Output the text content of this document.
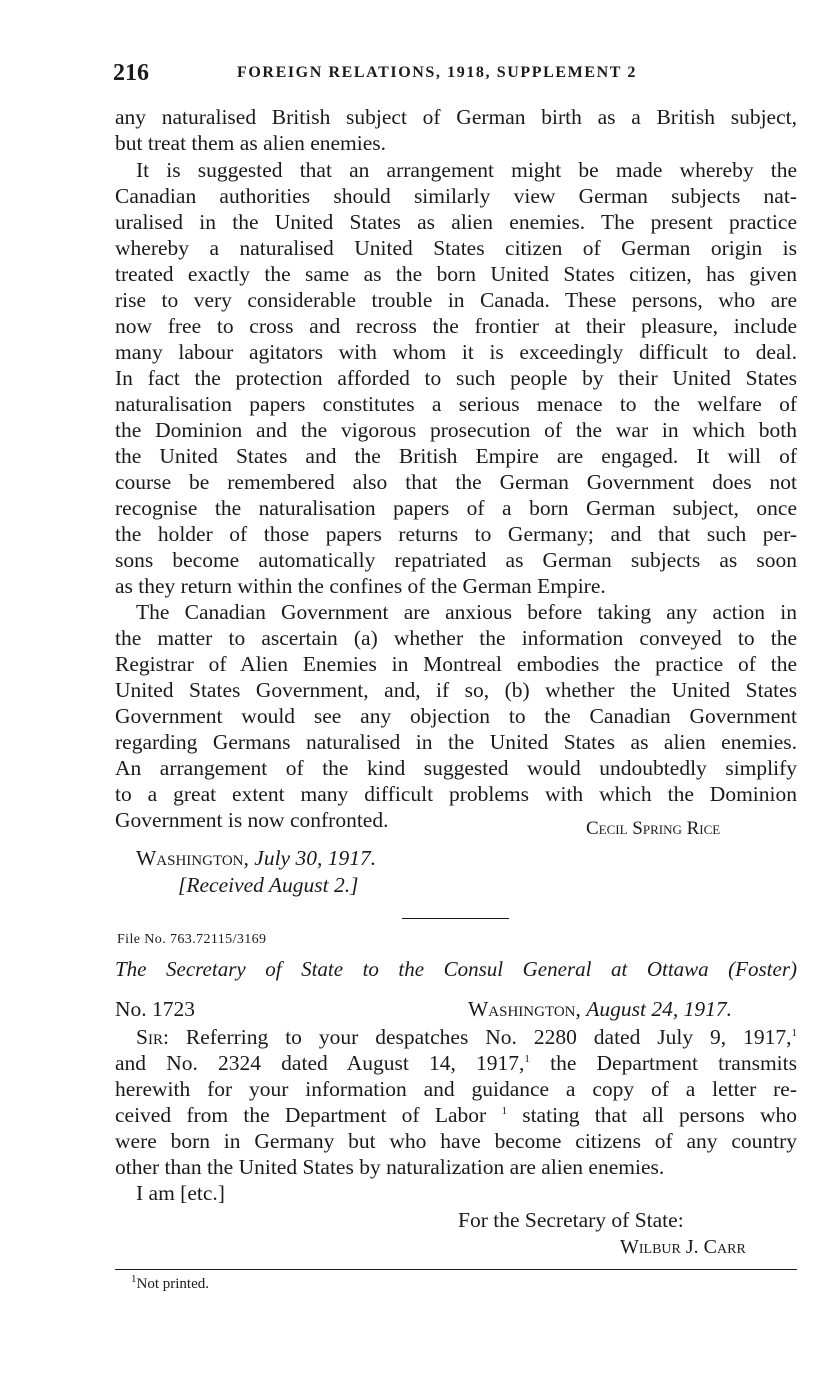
216	FOREIGN RELATIONS, 1918, SUPPLEMENT 2
any naturalised British subject of German birth as a British subject,
but treat them as alien enemies.
It is suggested that an arrangement might be made whereby the
Canadian authorities should similarly view German subjects nat-
uralised in the United States as alien enemies. The present practice
whereby a naturalised United States citizen of German origin is
treated exactly the same as the born United States citizen, has given
rise to very considerable trouble in Canada. These persons, who are
now free to cross and recross the frontier at their pleasure, include
many labour agitators with whom it is exceedingly difficult to deal.
In fact the protection afforded to such people by their United States
naturalisation papers constitutes a serious menace to the welfare of
the Dominion and the vigorous prosecution of the war in which both
the United States and the British Empire are engaged. It will of
course be remembered also that the German Government does not
recognise the naturalisation papers of a born German subject, once
the holder of those papers returns to Germany; and that such per-
sons become automatically repatriated as German subjects as soon
as they return within the confines of the German Empire.
The Canadian Government are anxious before taking any action in
the matter to ascertain (a) whether the information conveyed to the
Registrar of Alien Enemies in Montreal embodies the practice of the
United States Government, and, if so, (b) whether the United States
Government would see any objection to the Canadian Government
regarding Germans naturalised in the United States as alien enemies.
An arrangement of the kind suggested would undoubtedly simplify
to a great extent many difficult problems with which the Dominion
Government is now confronted.	Cecil Spring Rice
Washington, July 30, 1917.
[Received August 2.]
File No. 763.72115/3169
The Secretary of State to the Consul General at Ottawa (Foster)
No. 1723	Washington, August 24, 1917.
Sir: Referring to your despatches No. 2280 dated July 9, 1917,$^1$
and No. 2324 dated August 14, 1917,$^1$ the Department transmits
herewith for your information and guidance a copy of a letter re-
ceived from the Department of Labor $^1$ stating that all persons who
were born in Germany but who have become citizens of any country
other than the United States by naturalization are alien enemies.
I am [etc.]
For the Secretary of State:
Wilbur J. Carr
$^1$Not printed.
